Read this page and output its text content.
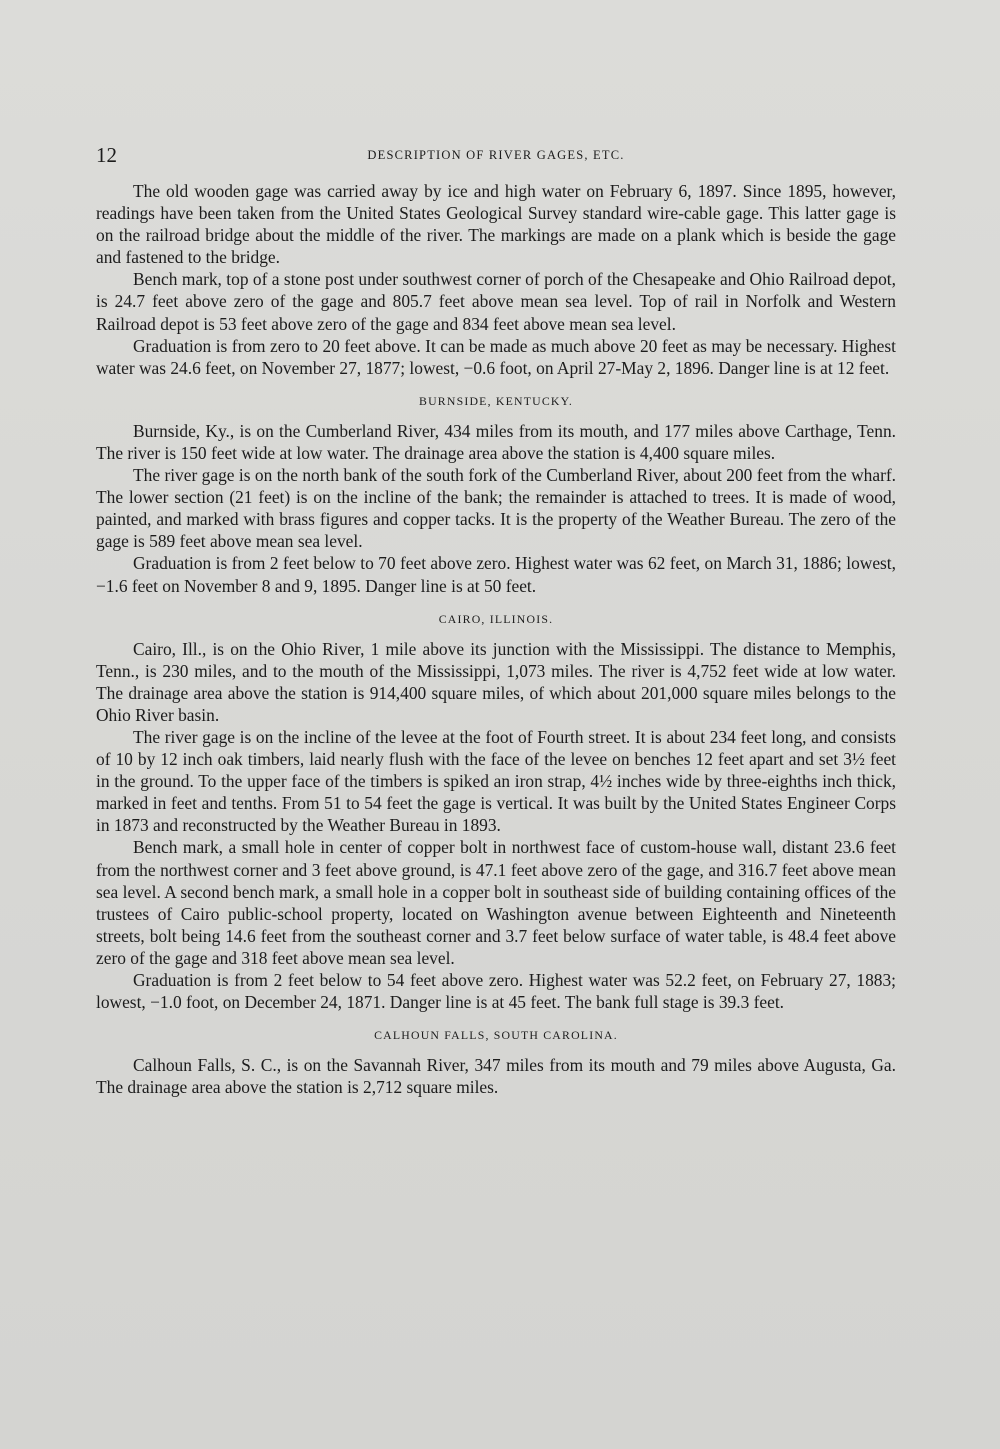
12	DESCRIPTION OF RIVER GAGES, ETC.

The old wooden gage was carried away by ice and high water on February 6, 1897. Since 1895, however, readings have been taken from the United States Geological Survey standard wire-cable gage. This latter gage is on the railroad bridge about the middle of the river. The markings are made on a plank which is beside the gage and fastened to the bridge.

Bench mark, top of a stone post under southwest corner of porch of the Chesapeake and Ohio Railroad depot, is 24.7 feet above zero of the gage and 805.7 feet above mean sea level. Top of rail in Norfolk and Western Railroad depot is 53 feet above zero of the gage and 834 feet above mean sea level.

Graduation is from zero to 20 feet above. It can be made as much above 20 feet as may be necessary. Highest water was 24.6 feet, on November 27, 1877; lowest, −0.6 foot, on April 27-May 2, 1896. Danger line is at 12 feet.

BURNSIDE, KENTUCKY.

Burnside, Ky., is on the Cumberland River, 434 miles from its mouth, and 177 miles above Carthage, Tenn. The river is 150 feet wide at low water. The drainage area above the station is 4,400 square miles.

The river gage is on the north bank of the south fork of the Cumberland River, about 200 feet from the wharf. The lower section (21 feet) is on the incline of the bank; the remainder is attached to trees. It is made of wood, painted, and marked with brass figures and copper tacks. It is the property of the Weather Bureau. The zero of the gage is 589 feet above mean sea level.

Graduation is from 2 feet below to 70 feet above zero. Highest water was 62 feet, on March 31, 1886; lowest, −1.6 feet on November 8 and 9, 1895. Danger line is at 50 feet.

CAIRO, ILLINOIS.

Cairo, Ill., is on the Ohio River, 1 mile above its junction with the Mississippi. The distance to Memphis, Tenn., is 230 miles, and to the mouth of the Mississippi, 1,073 miles. The river is 4,752 feet wide at low water. The drainage area above the station is 914,400 square miles, of which about 201,000 square miles belongs to the Ohio River basin.

The river gage is on the incline of the levee at the foot of Fourth street. It is about 234 feet long, and consists of 10 by 12 inch oak timbers, laid nearly flush with the face of the levee on benches 12 feet apart and set 3½ feet in the ground. To the upper face of the timbers is spiked an iron strap, 4½ inches wide by three-eighths inch thick, marked in feet and tenths. From 51 to 54 feet the gage is vertical. It was built by the United States Engineer Corps in 1873 and reconstructed by the Weather Bureau in 1893.

Bench mark, a small hole in center of copper bolt in northwest face of custom-house wall, distant 23.6 feet from the northwest corner and 3 feet above ground, is 47.1 feet above zero of the gage, and 316.7 feet above mean sea level. A second bench mark, a small hole in a copper bolt in southeast side of building containing offices of the trustees of Cairo public-school property, located on Washington avenue between Eighteenth and Nineteenth streets, bolt being 14.6 feet from the southeast corner and 3.7 feet below surface of water table, is 48.4 feet above zero of the gage and 318 feet above mean sea level.

Graduation is from 2 feet below to 54 feet above zero. Highest water was 52.2 feet, on February 27, 1883; lowest, −1.0 foot, on December 24, 1871. Danger line is at 45 feet. The bank full stage is 39.3 feet.

CALHOUN FALLS, SOUTH CAROLINA.

Calhoun Falls, S. C., is on the Savannah River, 347 miles from its mouth and 79 miles above Augusta, Ga. The drainage area above the station is 2,712 square miles.
